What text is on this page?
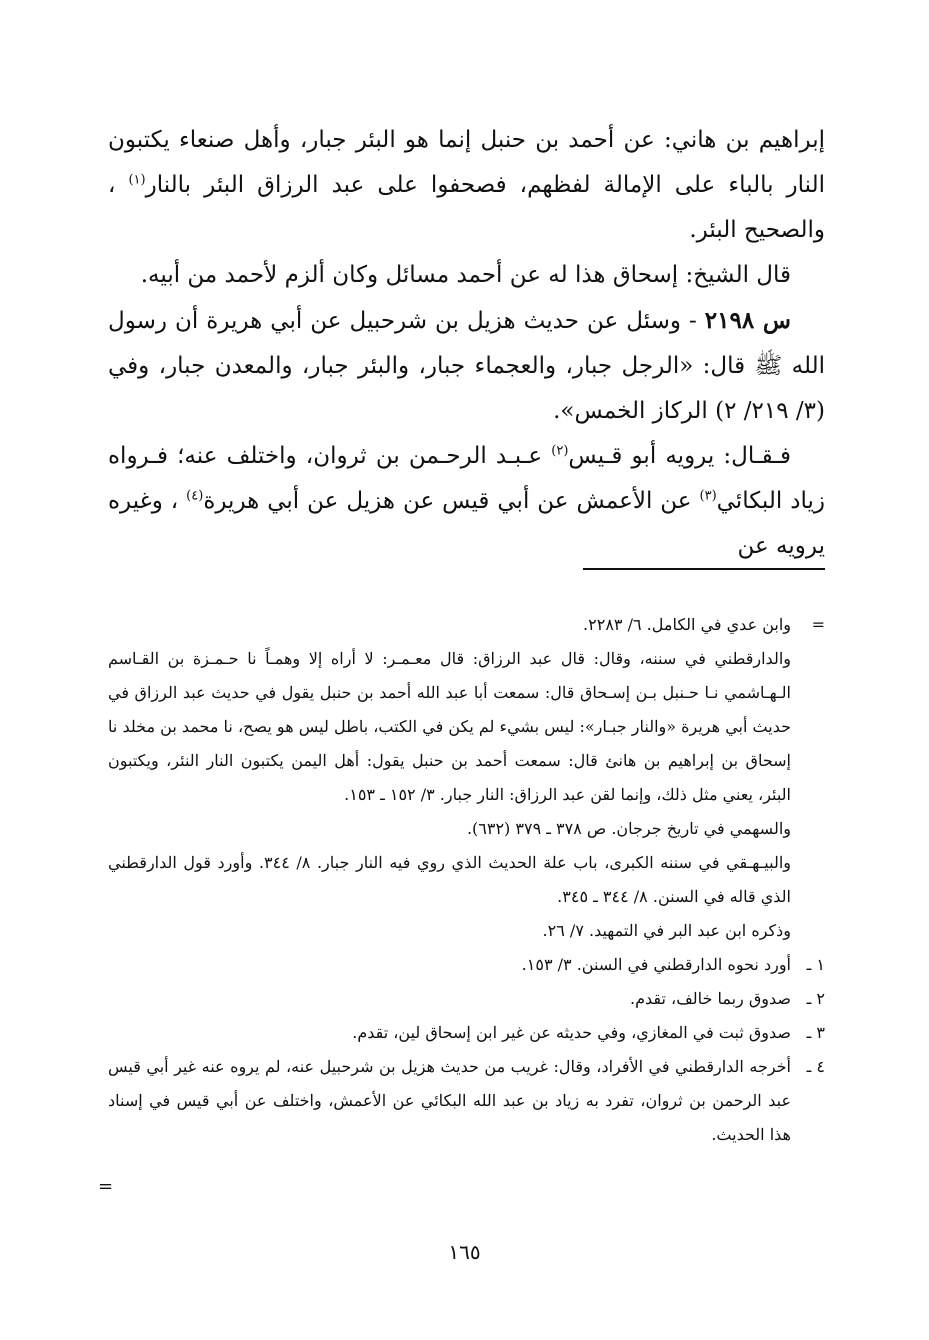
إبراهيم بن هاني: عن أحمد بن حنبل إنما هو البئر جبار، وأهل صنعاء يكتبون النار بالباء على الإمالة لفظهم، فصحفوا على عبد الرزاق البئر بالنار$^{(١)}$ ، والصحيح البئر.

قال الشيخ: إسحاق هذا له عن أحمد مسائل وكان ألزم لأحمد من أبيه.

س ٢١٩٨ - وسئل عن حديث هزيل بن شرحبيل عن أبي هريرة أن رسول الله ﷺ قال: «الرجل جبار، والعجماء جبار، والبئر جبار، والمعدن جبار، وفي (٣/ ٢١٩/ ٢) الركاز الخمس».

فـقـال: يرويه أبو قـيس$^{(٢)}$ عـبـد الرحـمن بن ثروان، واختلف عنه؛ فـرواه زياد البكائي$^{(٣)}$ عن الأعمش عن أبي قيس عن هزيل عن أبي هريرة$^{(٤)}$ ، وغيره يرويه عن

=
وابن عدي في الكامل. ٦/ ٢٢٨٣.
والدارقطني في سننه، وقال: قال عبد الرزاق: قال معـمـر: لا أراه إلا وهمـاً نا حـمـزة بن القـاسم الـهـاشمي نـا حـنبل بـن إسـحاق قال: سمعت أبا عبد الله أحمد بن حنبل يقول في حديث عبد الرزاق في حديث أبي هريرة «والنار جبـار»: ليس بشيء لم يكن في الكتب، باطل ليس هو يصح، نا محمد بن مخلد نا إسحاق بن إبراهيم بن هانئ قال: سمعت أحمد بن حنبل يقول: أهل اليمن يكتبون النار النئر، ويكتبون البئر، يعني مثل ذلك، وإنما لقن عبد الرزاق: النار جبار. ٣/ ١٥٢ ـ ١٥٣.
والسهمي في تاريخ جرجان. ص ٣٧٨ ـ ٣٧٩ (٦٣٢).
والبيـهـقي في سننه الكبرى، باب علة الحديث الذي روي فيه النار جبار. ٨/ ٣٤٤. وأورد قول الدارقطني الذي قاله في السنن. ٨/ ٣٤٤ ـ ٣٤٥.
وذكره ابن عبد البر في التمهيد. ٧/ ٢٦.
١ ـ
أورد نحوه الدارقطني في السنن. ٣/ ١٥٣.
٢ ـ
صدوق ربما خالف، تقدم.
٣ ـ
صدوق ثبت في المغازي، وفي حديثه عن غير ابن إسحاق لين، تقدم.
٤ ـ
أخرجه الدارقطني في الأفراد، وقال: غريب من حديث هزيل بن شرحبيل عنه، لم يروه عنه غير أبي قيس عبد الرحمن بن ثروان، تفرد به زياد بن عبد الله البكائي عن الأعمش، واختلف عن أبي قيس في إسناد هذا الحديث.
=
١٦٥
